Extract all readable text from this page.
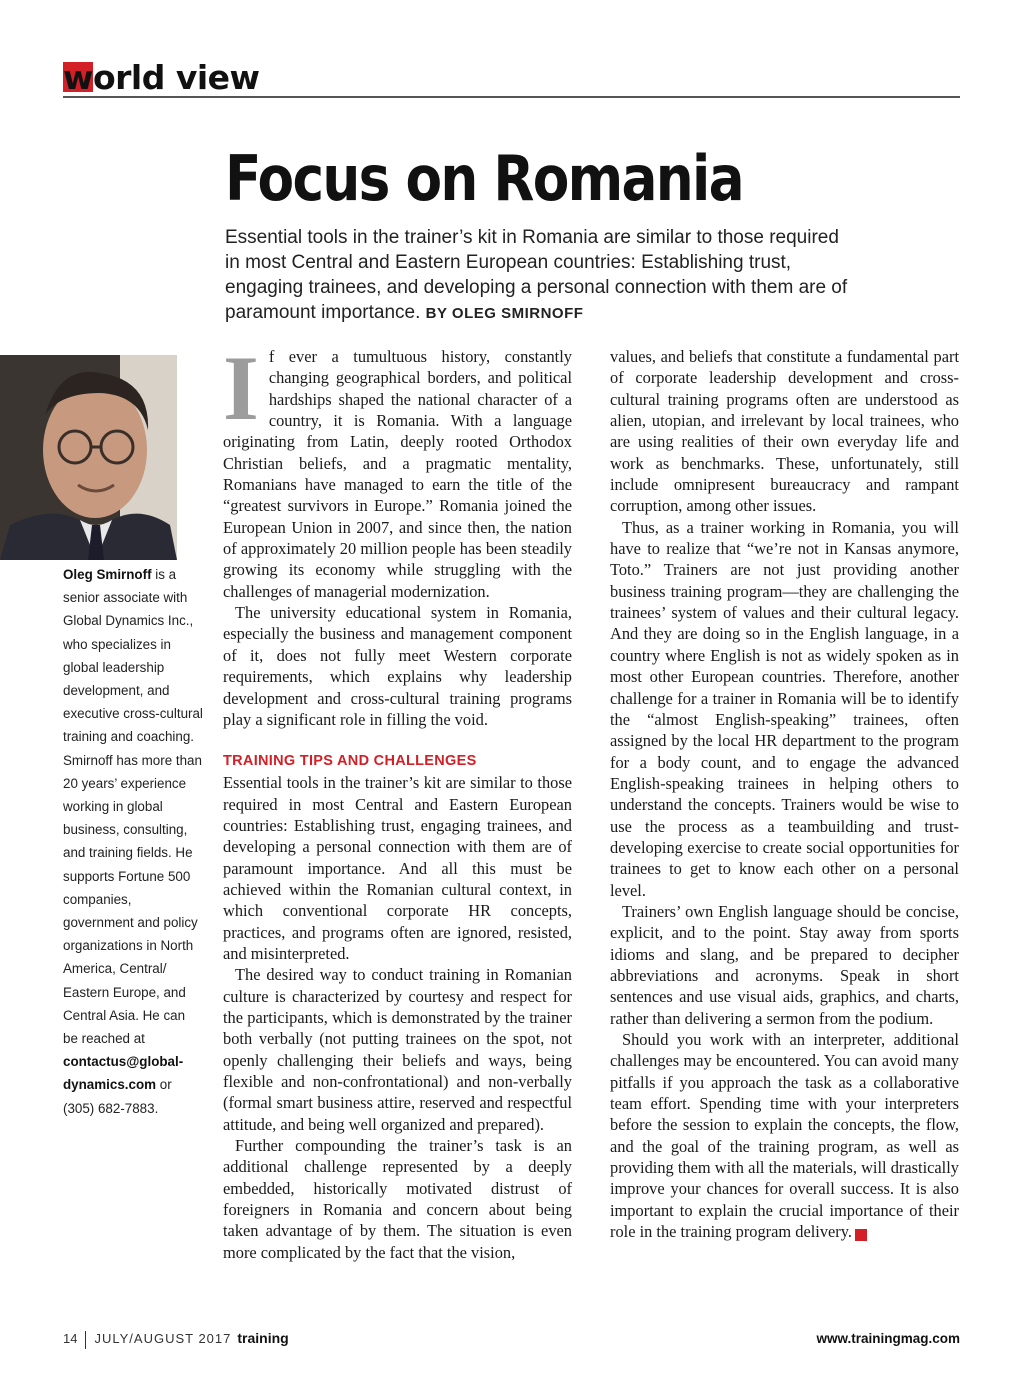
world view
Focus on Romania
Essential tools in the trainer’s kit in Romania are similar to those required in most Central and Eastern European countries: Establishing trust, engaging trainees, and developing a personal connection with them are of paramount importance. BY OLEG SMIRNOFF
Oleg Smirnoff is a senior associate with Global Dynamics Inc., who specializes in global leadership development, and executive cross-cultural training and coaching. Smirnoff has more than 20 years’ experience working in global business, consulting, and training fields. He supports Fortune 500 companies, government and policy organizations in North America, Central/ Eastern Europe, and Central Asia. He can be reached at contactus@global-dynamics.com or (305) 682-7883.

If ever a tumultuous history, constantly changing geographical borders, and political hardships shaped the national character of a country, it is Romania. With a language originating from Latin, deeply rooted Orthodox Christian beliefs, and a pragmatic mentality, Romanians have managed to earn the title of the “greatest survivors in Europe.” Romania joined the European Union in 2007, and since then, the nation of approximately 20 million people has been steadily growing its economy while struggling with the challenges of managerial modernization.

The university educational system in Romania, especially the business and management component of it, does not fully meet Western corporate requirements, which explains why leadership development and cross-cultural training programs play a significant role in filling the void.

TRAINING TIPS AND CHALLENGES

Essential tools in the trainer’s kit are similar to those required in most Central and Eastern European countries: Establishing trust, engaging trainees, and developing a personal connection with them are of paramount importance. And all this must be achieved within the Romanian cultural context, in which conventional corporate HR concepts, practices, and programs often are ignored, resisted, and misinterpreted.

The desired way to conduct training in Romanian culture is characterized by courtesy and respect for the participants, which is demonstrated by the trainer both verbally (not putting trainees on the spot, not openly challenging their beliefs and ways, being flexible and non-confrontational) and non-verbally (formal smart business attire, reserved and respectful attitude, and being well organized and prepared).

Further compounding the trainer’s task is an additional challenge represented by a deeply embedded, historically motivated distrust of foreigners in Romania and concern about being taken advantage of by them. The situation is even more complicated by the fact that the vision,

values, and beliefs that constitute a fundamental part of corporate leadership development and cross-cultural training programs often are understood as alien, utopian, and irrelevant by local trainees, who are using realities of their own everyday life and work as benchmarks. These, unfortunately, still include omnipresent bureaucracy and rampant corruption, among other issues.

Thus, as a trainer working in Romania, you will have to realize that “we’re not in Kansas anymore, Toto.” Trainers are not just providing another business training program—they are challenging the trainees’ system of values and their cultural legacy. And they are doing so in the English language, in a country where English is not as widely spoken as in most other European countries. Therefore, another challenge for a trainer in Romania will be to identify the “almost English-speaking” trainees, often assigned by the local HR department to the program for a body count, and to engage the advanced English-speaking trainees in helping others to understand the concepts. Trainers would be wise to use the process as a teambuilding and trust-developing exercise to create social opportunities for trainees to get to know each other on a personal level.

Trainers’ own English language should be concise, explicit, and to the point. Stay away from sports idioms and slang, and be prepared to decipher abbreviations and acronyms. Speak in short sentences and use visual aids, graphics, and charts, rather than delivering a sermon from the podium.

Should you work with an interpreter, additional challenges may be encountered. You can avoid many pitfalls if you approach the task as a collaborative team effort. Spending time with your interpreters before the session to explain the concepts, the flow, and the goal of the training program, as well as providing them with all the materials, will drastically improve your chances for overall success. It is also important to explain the crucial importance of their role in the training program delivery. t

14 JULY/AUGUST 2017 training	www.trainingmag.com
